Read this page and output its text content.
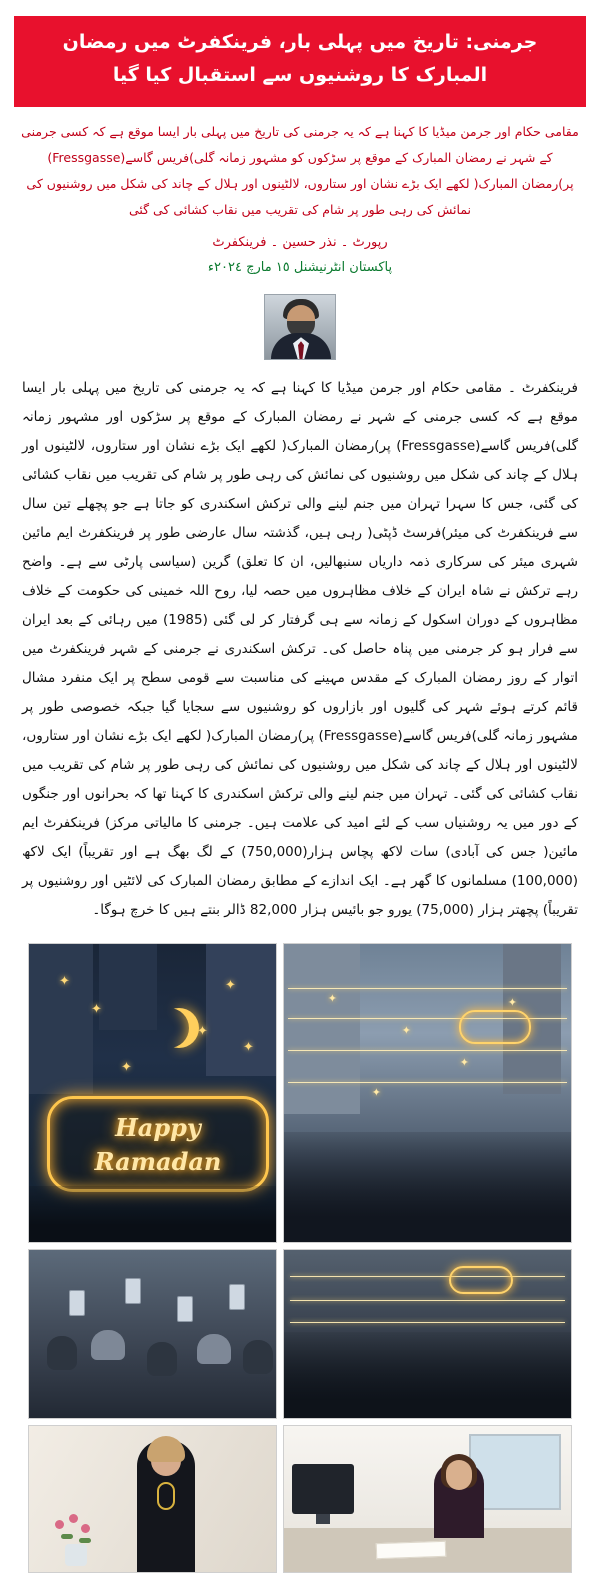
جرمنی: تاریخ میں پہلی بار، فرینکفرٹ میں رمضان المبارک کا روشنیوں سے استقبال کیا گیا
مقامی حکام اور جرمن میڈیا کا کہنا ہے کہ یہ جرمنی کی تاریخ میں پہلی بار ایسا موقع ہے کہ کسی جرمنی کے شہر نے رمضان المبارک کے موقع پر سڑکوں کو مشہور زمانہ گلی)فریس گاسے(Fressgasse) پر)رمضان المبارک( لکھے ایک بڑے نشان اور ستاروں، لالٹینوں اور ہلال کے چاند کی شکل میں روشنیوں کی نمائش کی رہی طور پر شام کی تقریب میں نقاب کشائی کی گئی
رپورٹ ۔ نذر حسین ۔ فرینکفرٹ
پاکستان انٹرنیشنل ١٥ مارچ ٢٠٢٤ء
فرینکفرٹ ۔ مقامی حکام اور جرمن میڈیا کا کہنا ہے کہ یہ جرمنی کی تاریخ میں پہلی بار ایسا موقع ہے کہ کسی جرمنی کے شہر نے رمضان المبارک کے موقع پر سڑکوں اور مشہور زمانہ گلی)فریس گاسے(Fressgasse) پر)رمضان المبارک( لکھے ایک بڑے نشان اور ستاروں، لالٹینوں اور ہلال کے چاند کی شکل میں روشنیوں کی نمائش کی رہی طور پر شام کی تقریب میں نقاب کشائی کی گئی، جس کا سہرا تہران میں جنم لینے والی ترکش اسکندری کو جاتا ہے جو پچھلے تین سال سے فرینکفرٹ کی میئر)فرسٹ ڈپٹی( رہی ہیں، گذشتہ سال عارضی طور پر فرینکفرٹ ایم مائین شہری میئر کی سرکاری ذمہ داریاں سنبھالیں، ان کا تعلق) گرین (سیاسی پارٹی سے ہے۔ واضح رہے ترکش نے شاہ ایران کے خلاف مظاہروں میں حصہ لیا، روح اللہ خمینی کی حکومت کے خلاف مظاہروں کے دوران اسکول کے زمانہ سے ہی گرفتار کر لی گئی (1985) میں رہائی کے بعد ایران سے فرار ہو کر جرمنی میں پناہ حاصل کی۔ ترکش اسکندری نے جرمنی کے شہر فرینکفرٹ میں اتوار کے روز رمضان المبارک کے مقدس مہینے کی مناسبت سے قومی سطح پر ایک منفرد مشال قائم کرتے ہوئے شہر کی گلیوں اور بازاروں کو روشنیوں سے سجایا گیا جبکہ خصوصی طور پر مشہور زمانہ گلی)فریس گاسے(Fressgasse) پر)رمضان المبارک( لکھے ایک بڑے نشان اور ستاروں، لالٹینوں اور ہلال کے چاند کی شکل میں روشنیوں کی نمائش کی رہی طور پر شام کی تقریب میں نقاب کشائی کی گئی۔ تہران میں جنم لینے والی ترکش اسکندری کا کہنا تھا کہ بحرانوں اور جنگوں کے دور میں یہ روشنیاں سب کے لئے امید کی علامت ہیں۔ جرمنی کا مالیاتی مرکز) فرینکفرٹ ایم مائین( جس کی آبادی) سات لاکھ پچاس ہزار(750,000) کے لگ بھگ ہے اور تقریباً) ایک لاکھ (100,000) مسلمانوں کا گھر ہے۔ ایک اندازے کے مطابق رمضان المبارک کی لائٹیں اور روشنیوں پر تقریباً) پچھتر ہزار (75,000) یورو جو بائیس ہزار 82,000 ڈالر بنتے ہیں کا خرچ ہوگا۔
✦
✦
✦
✦
✦
✦
Happy
Ramadan
✦
✦
✦
✦
✦
